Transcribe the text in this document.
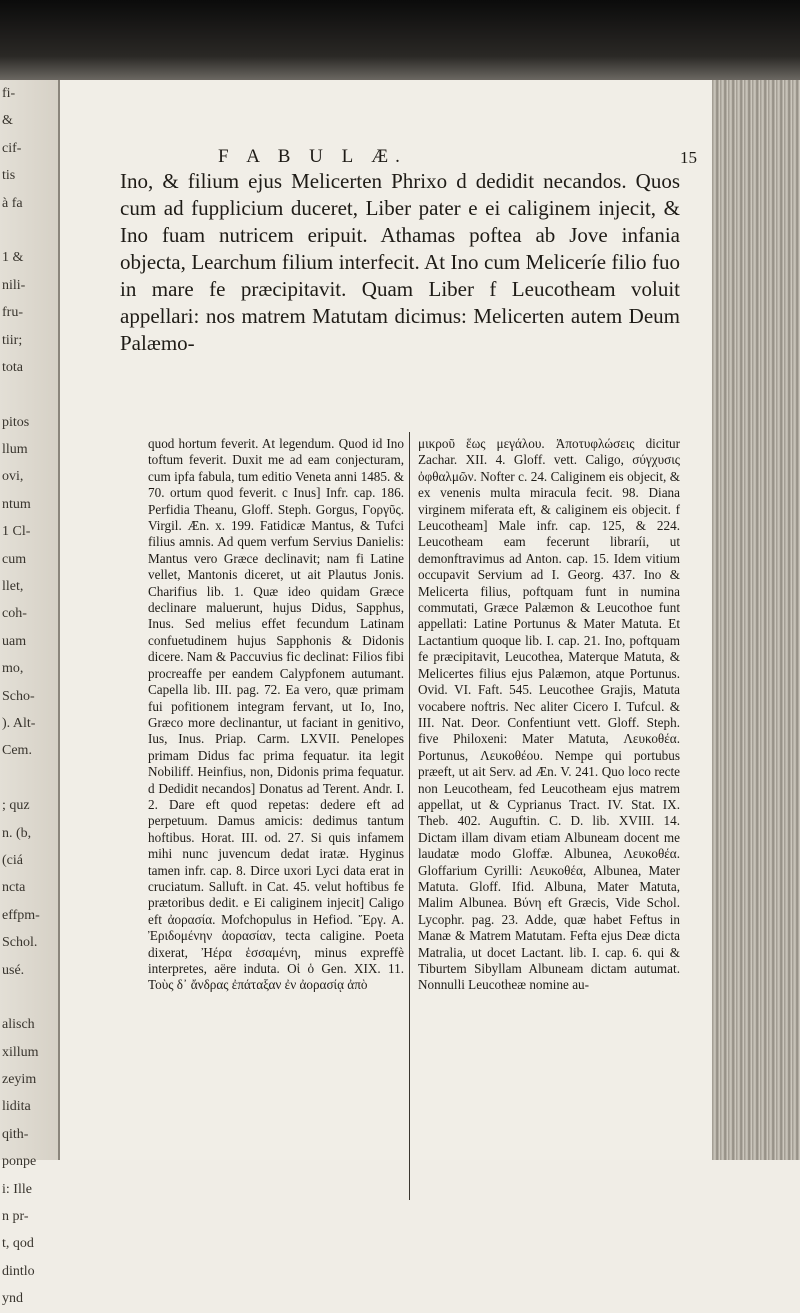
fi-
&
cif-
tis
à fa
1 &
nili-
fru-
tiir;
tota
pitos
llum
ovi,
ntum
1 Cl-
cum
llet,
coh-
uam
mo,
Scho-
). Alt-
Cem.
; quz
n. (b,
(ciá
ncta
effpm-
Schol.
usé.
alisch
xillum
zeyim
lidita
qith-
ponpe
i: Ille
n pr-
t, qod
dintlo
ynd
F A B U L Æ.	15

Ino, & filium ejus Melicerten Phrixo d dedidit necandos. Quos cum ad fupplicium duceret, Liber pater e ei caliginem injecit, & Ino fuam nutricem eripuit. Athamas poftea ab Jove infania objecta, Learchum filium interfecit. At Ino cum Meliceríe filio fuo in mare fe præcipitavit. Quam Liber f Leucotheam voluit appellari: nos matrem Matutam dicimus: Melicerten autem Deum Palæmo-

quod hortum feverit. At legendum. Quod id Ino toftum feverit. Duxit me ad eam conjecturam, cum ipfa fabula, tum editio Veneta anni 1485. & 70. ortum quod feverit. c Inus] Infr. cap. 186. Perfidia Theanu, Gloff. Steph. Gorgus, Γοργῦς. Virgil. Æn. x. 199. Fatidicæ Mantus, & Tufci filius amnis. Ad quem verfum Servius Danielis: Mantus vero Græce declinavit; nam fi Latine vellet, Mantonis diceret, ut ait Plautus Jonis. Charifius lib. 1. Quæ ideo quidam Græce declinare maluerunt, hujus Didus, Sapphus, Inus. Sed melius effet fecundum Latinam confuetudinem hujus Sapphonis & Didonis dicere. Nam & Paccuvius fic declinat: Filios fibi procreaffe per eandem Calypfonem autumant. Capella lib. III. pag. 72. Ea vero, quæ primam fui pofitionem integram fervant, ut Io, Ino, Græco more declinantur, ut faciant in genitivo, Ius, Inus. Priap. Carm. LXVII. Penelopes primam Didus fac prima fequatur. ita legit Nobiliff. Heinfius, non, Didonis prima fequatur. d Dedidit necandos] Donatus ad Terent. Andr. I. 2. Dare eft quod repetas: dedere eft ad perpetuum. Damus amicis: dedimus tantum hoftibus. Horat. III. od. 27. Si quis infamem mihi nunc juvencum dedat iratæ. Hyginus tamen infr. cap. 8. Dirce uxori Lyci data erat in cruciatum. Salluft. in Cat. 45. velut hoftibus fe prætoribus dedit. e Ei caliginem injecit] Caligo eft ἀορασία. Mofchopulus in Hefiod. Ἔργ. Α. Ἐριδομένην ἀορασίαν, tecta caligine. Poeta dixerat, Ἠέρα ἑσσαμένη, minus expreffè interpretes, aëre induta. Οἱ ὁ Gen. XIX. 11. Τοὺς δ᾽ ἄνδρας ἐπάταξαν ἐν ἀορασίᾳ ἀπὸ

μικροῦ ἕως μεγάλου. Ἀποτυφλώσεις dicitur Zachar. XII. 4. Gloff. vett. Caligo, σύγχυσις ὀφθαλμῶν. Nofter c. 24. Caliginem eis objecit, & ex venenis multa miracula fecit. 98. Diana virginem miferata eft, & caliginem eis objecit. f Leucotheam] Male infr. cap. 125, & 224. Leucotheam eam fecerunt libraríi, ut demonftravimus ad Anton. cap. 15. Idem vitium occupavit Servium ad I. Georg. 437. Ino & Melicerta filius, poftquam funt in numina commutati, Græce Palæmon & Leucothoe funt appellati: Latine Portunus & Mater Matuta. Et Lactantium quoque lib. I. cap. 21. Ino, poftquam fe præcipitavit, Leucothea, Materque Matuta, & Melicertes filius ejus Palæmon, atque Portunus. Ovid. VI. Faft. 545. Leucothee Grajis, Matuta vocabere noftris. Nec aliter Cicero I. Tufcul. & III. Nat. Deor. Confentiunt vett. Gloff. Steph. five Philoxeni: Mater Matuta, Λευκοθέα. Portunus, Λευκοθέου. Nempe qui portubus præeft, ut ait Serv. ad Æn. V. 241. Quo loco recte non Leucotheam, fed Leucotheam ejus matrem appellat, ut & Cyprianus Tract. IV. Stat. IX. Theb. 402. Auguftin. C. D. lib. XVIII. 14. Dictam illam divam etiam Albuneam docent me laudatæ modo Gloffæ. Albunea, Λευκοθέα. Gloffarium Cyrilli: Λευκοθέα, Albunea, Mater Matuta. Gloff. Ifid. Albuna, Mater Matuta, Malim Albunea. Βύνη eft Græcis, Vide Schol. Lycophr. pag. 23. Adde, quæ habet Feftus in Manæ & Matrem Matutam. Fefta ejus Deæ dicta Matralia, ut docet Lactant. lib. I. cap. 6. qui & Tiburtem Sibyllam Albuneam dictam autumat. Nonnulli Leucotheæ nomine au-
